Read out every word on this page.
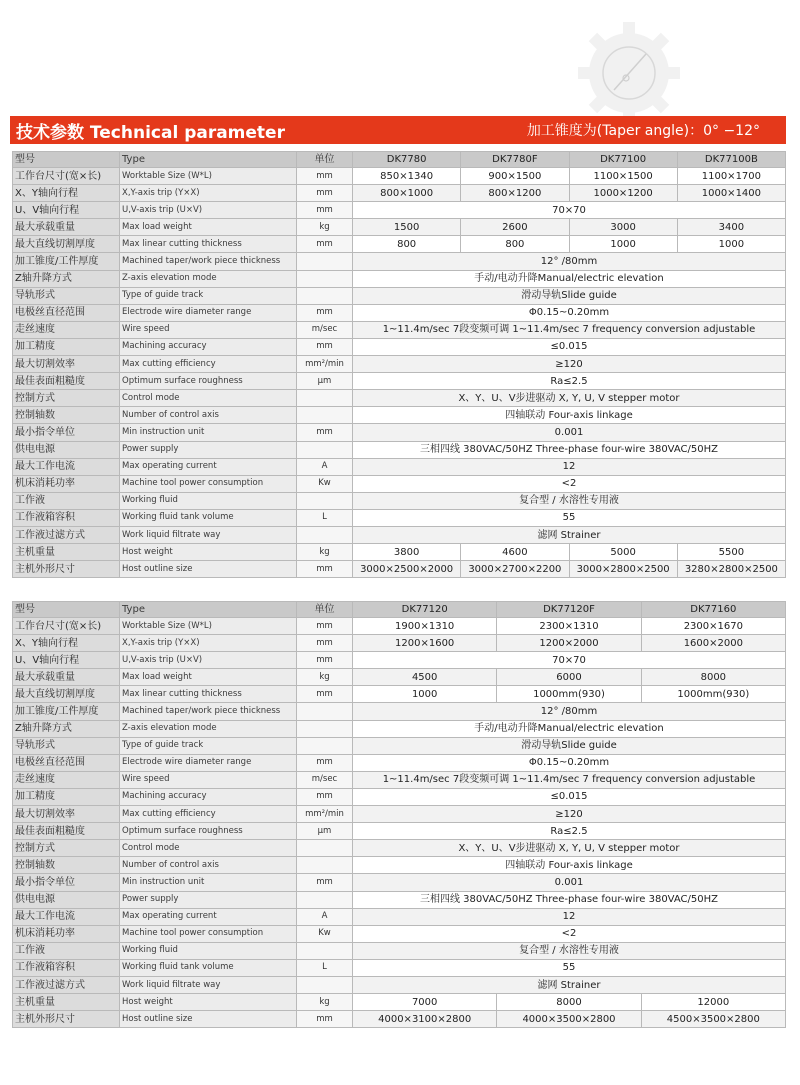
技术参数 Technical parameter	加工锥度为(Taper angle)：0° −12°
型号	Type	单位	DK7780	DK7780F	DK77100	DK77100B
工作台尺寸(宽×长)	Worktable Size (W*L)	mm	850×1340	900×1500	1100×1500	1100×1700
X、Y轴向行程	X,Y-axis trip (Y×X)	mm	800×1000	800×1200	1000×1200	1000×1400
U、V轴向行程	U,V-axis trip (U×V)	mm	70×70			
最大承载重量	Max load weight	kg	1500	2600	3000	3400
最大直线切割厚度	Max linear cutting thickness	mm	800	800	1000	1000
加工锥度/工件厚度	Machined taper/work piece thickness		12° /80mm			
Z轴升降方式	Z-axis elevation mode		手动/电动升降Manual/electric elevation			
导轨形式	Type of guide track		滑动导轨Slide guide			
电极丝直径范围	Electrode wire diameter range	mm	Φ0.15~0.20mm			
走丝速度	Wire speed	m/sec	1~11.4m/sec 7段变频可调 1~11.4m/sec 7 frequency conversion adjustable			
加工精度	Machining accuracy	mm	≤0.015			
最大切割效率	Max cutting efficiency	mm²/min	≥120			
最佳表面粗糙度	Optimum surface roughness	μm	Ra≤2.5			
控制方式	Control mode		X、Y、U、V步进驱动 X, Y, U, V stepper motor			
控制轴数	Number of control axis		四轴联动 Four-axis linkage			
最小指令单位	Min instruction unit	mm	0.001			
供电电源	Power supply		三相四线 380VAC/50HZ Three-phase four-wire 380VAC/50HZ			
最大工作电流	Max operating current	A	12			
机床消耗功率	Machine tool power consumption	Kw	<2			
工作液	Working fluid		复合型 / 水溶性专用液			
工作液箱容积	Working fluid tank volume	L	55			
工作液过滤方式	Work liquid filtrate way		滤网 Strainer			
主机重量	Host weight	kg	3800	4600	5000	5500
主机外形尺寸	Host outline size	mm	3000×2500×2000	3000×2700×2200	3000×2800×2500	3280×2800×2500
型号	Type	单位	DK77120	DK77120F	DK77160
工作台尺寸(宽×长)	Worktable Size (W*L)	mm	1900×1310	2300×1310	2300×1670
X、Y轴向行程	X,Y-axis trip (Y×X)	mm	1200×1600	1200×2000	1600×2000
U、V轴向行程	U,V-axis trip (U×V)	mm	70×70		
最大承载重量	Max load weight	kg	4500	6000	8000
最大直线切割厚度	Max linear cutting thickness	mm	1000	1000mm(930)	1000mm(930)
加工锥度/工件厚度	Machined taper/work piece thickness		12° /80mm		
Z轴升降方式	Z-axis elevation mode		手动/电动升降Manual/electric elevation		
导轨形式	Type of guide track		滑动导轨Slide guide		
电极丝直径范围	Electrode wire diameter range	mm	Φ0.15~0.20mm		
走丝速度	Wire speed	m/sec	1~11.4m/sec 7段变频可调 1~11.4m/sec 7 frequency conversion adjustable		
加工精度	Machining accuracy	mm	≤0.015		
最大切割效率	Max cutting efficiency	mm²/min	≥120		
最佳表面粗糙度	Optimum surface roughness	μm	Ra≤2.5		
控制方式	Control mode		X、Y、U、V步进驱动 X, Y, U, V stepper motor		
控制轴数	Number of control axis		四轴联动 Four-axis linkage		
最小指令单位	Min instruction unit	mm	0.001		
供电电源	Power supply		三相四线 380VAC/50HZ Three-phase four-wire 380VAC/50HZ		
最大工作电流	Max operating current	A	12		
机床消耗功率	Machine tool power consumption	Kw	<2		
工作液	Working fluid		复合型 / 水溶性专用液		
工作液箱容积	Working fluid tank volume	L	55		
工作液过滤方式	Work liquid filtrate way		滤网 Strainer		
主机重量	Host weight	kg	7000	8000	12000
主机外形尺寸	Host outline size	mm	4000×3100×2800	4000×3500×2800	4500×3500×2800
